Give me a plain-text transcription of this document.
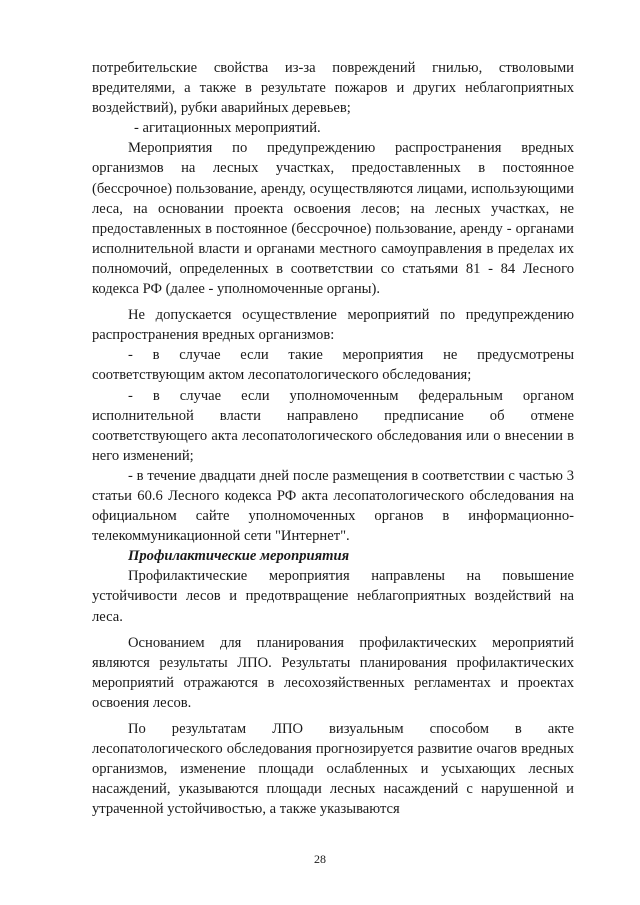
потребительские свойства из-за повреждений гнилью, стволовыми вредителями, а также в результате пожаров и других неблагоприятных воздействий), рубки аварийных деревьев;

- агитационных мероприятий.

Мероприятия по предупреждению распространения вредных организмов на лесных участках, предоставленных в постоянное (бессрочное) пользование, аренду, осуществляются лицами, использующими леса, на основании проекта освоения лесов; на лесных участках, не предоставленных в постоянное (бессрочное) пользование, аренду - органами исполнительной власти и органами местного самоуправления в пределах их полномочий, определенных в соответствии со статьями 81 - 84 Лесного кодекса РФ (далее - уполномоченные органы).

Не допускается осуществление мероприятий по предупреждению распространения вредных организмов:

- в случае если такие мероприятия не предусмотрены соответствующим актом лесопатологического обследования;

- в случае если уполномоченным федеральным органом исполнительной власти направлено предписание об отмене соответствующего акта лесопатологического обследования или о внесении в него изменений;

- в течение двадцати дней после размещения в соответствии с частью 3 статьи 60.6 Лесного кодекса РФ акта лесопатологического обследования на официальном сайте уполномоченных органов в информационно-телекоммуникационной сети "Интернет".

Профилактические мероприятия

Профилактические мероприятия направлены на повышение устойчивости лесов и предотвращение неблагоприятных воздействий на леса.

Основанием для планирования профилактических мероприятий являются результаты ЛПО. Результаты планирования профилактических мероприятий отражаются в лесохозяйственных регламентах и проектах освоения лесов.

По результатам ЛПО визуальным способом в акте лесопатологического обследования прогнозируется развитие очагов вредных организмов, изменение площади ослабленных и усыхающих лесных насаждений, указываются площади лесных насаждений с нарушенной и утраченной устойчивостью, а также указываются

28
